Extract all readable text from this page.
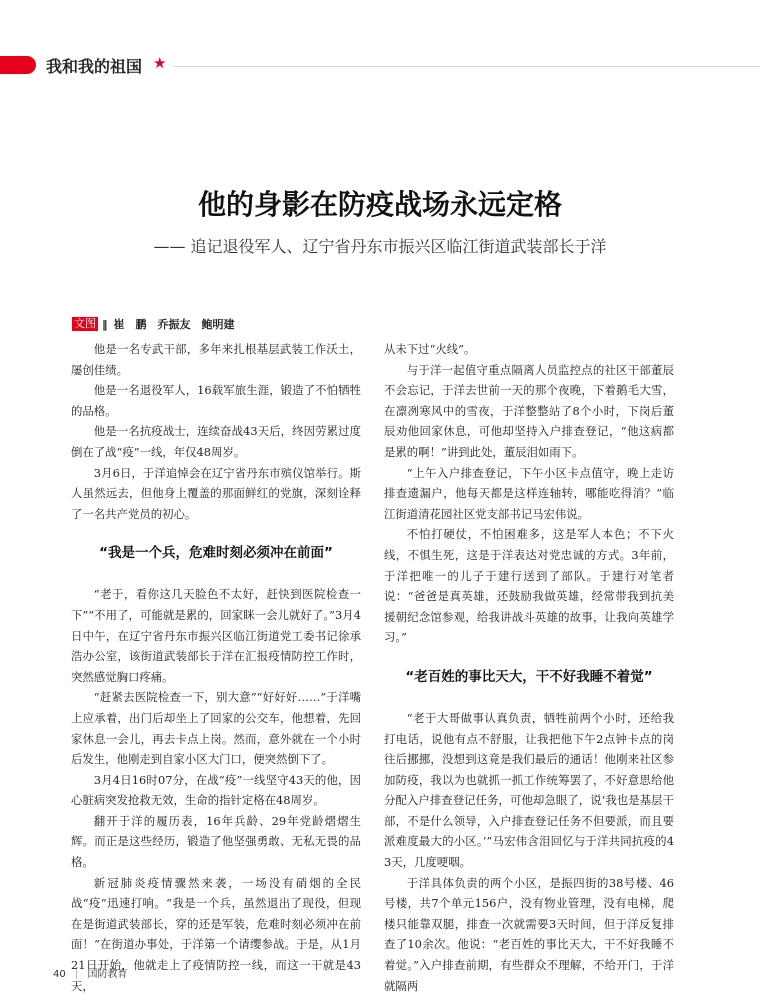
我和我的祖国 ★
他的身影在防疫战场永远定格
—— 追记退役军人、辽宁省丹东市振兴区临江街道武装部长于洋
文图 ‖ 崔　鹏　乔振友　鲍明建

他是一名专武干部，多年来扎根基层武装工作沃土，屡创佳绩。

他是一名退役军人，16载军旅生涯，锻造了不怕牺牲的品格。

他是一名抗疫战士，连续奋战43天后，终因劳累过度倒在了战“疫”一线，年仅48周岁。

3月6日，于洋追悼会在辽宁省丹东市殡仪馆举行。斯人虽然远去，但他身上覆盖的那面鲜红的党旗，深刻诠释了一名共产党员的初心。

“我是一个兵，危难时刻必须冲在前面”

“老于，看你这几天脸色不太好，赶快到医院检查一下”“不用了，可能就是累的，回家眯一会儿就好了。”3月4日中午，在辽宁省丹东市振兴区临江街道党工委书记徐承浩办公室，该街道武装部长于洋在汇报疫情防控工作时，突然感觉胸口疼痛。

“赶紧去医院检查一下，别大意”“好好好……”于洋嘴上应承着，出门后却坐上了回家的公交车，他想着，先回家休息一会儿，再去卡点上岗。然而，意外就在一个小时后发生，他刚走到自家小区大门口，便突然倒下了。

3月4日16时07分，在战“疫”一线坚守43天的他，因心脏病突发抢救无效，生命的指针定格在48周岁。

翻开于洋的履历表，16年兵龄、29年党龄熠熠生辉。而正是这些经历，锻造了他坚强勇敢、无私无畏的品格。

新冠肺炎疫情骤然来袭，一场没有硝烟的全民战“疫”迅速打响。“我是一个兵，虽然退出了现役，但现在是街道武装部长，穿的还是军装，危难时刻必须冲在前面！”在街道办事处，于洋第一个请缨参战。于是，从1月21日开始，他就走上了疫情防控一线，而这一干就是43天，

从未下过“火线”。

与于洋一起值守重点隔离人员监控点的社区干部董辰不会忘记，于洋去世前一天的那个夜晚，下着鹅毛大雪，在凛冽寒风中的雪夜，于洋整整站了8个小时，下岗后董辰劝他回家休息，可他却坚持入户排查登记，“他这病都是累的啊！”讲到此处，董辰泪如雨下。

“上午入户排查登记，下午小区卡点值守，晚上走访排查遗漏户，他每天都是这样连轴转，哪能吃得消？”临江街道清花园社区党支部书记马宏伟说。

不怕打硬仗，不怕困难多，这是军人本色；不下火线，不惧生死，这是于洋表达对党忠诚的方式。3年前，于洋把唯一的儿子于建行送到了部队。于建行对笔者说：“爸爸是真英雄，还鼓励我做英雄，经常带我到抗美援朝纪念馆参观，给我讲战斗英雄的故事，让我向英雄学习。”

“老百姓的事比天大，干不好我睡不着觉”

“老于大哥做事认真负责，牺牲前两个小时，还给我打电话，说他有点不舒服，让我把他下午2点钟卡点的岗往后挪挪，没想到这竟是我们最后的通话！他刚来社区参加防疫，我以为也就抓一抓工作统筹罢了，不好意思给他分配入户排查登记任务，可他却急眼了，说‘我也是基层干部，不是什么领导，入户排查登记任务不但要派，而且要派难度最大的小区。’”马宏伟含泪回忆与于洋共同抗疫的43天，几度哽咽。

于洋具体负责的两个小区，是振四街的38号楼、46号楼，共7个单元156户，没有物业管理，没有电梯，爬楼只能靠双腿，排查一次就需要3天时间，但于洋反复排查了10余次。他说：“老百姓的事比天大，干不好我睡不着觉。”入户排查前期，有些群众不理解，不给开门，于洋就隔两

40 | 国防教育
